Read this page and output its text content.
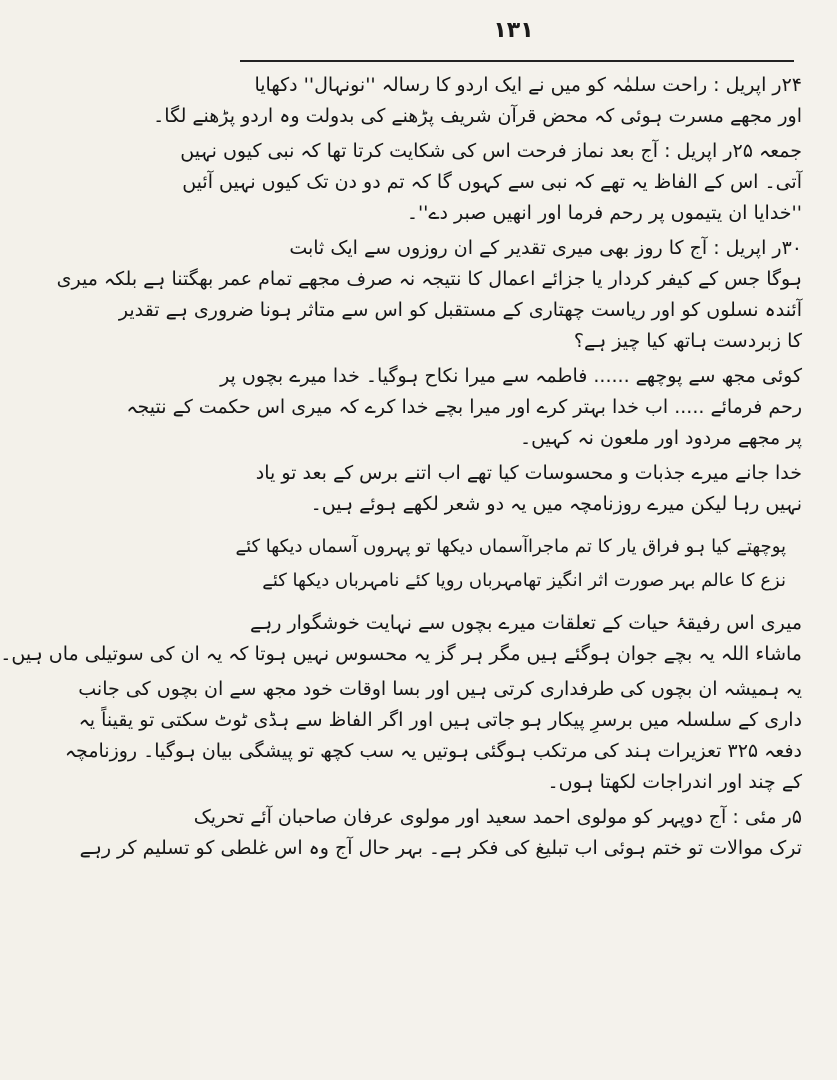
۱۳۱
۲۴ر اپریل : راحت سلمٰہ کو میں نے ایک اردو کا رسالہ ''نونہال'' دکھایا
اور مجھے مسرت ہوئی کہ محض قرآن شریف پڑھنے کی بدولت وہ اردو پڑھنے لگا۔
جمعہ ۲۵ر اپریل : آج بعد نماز فرحت اس کی شکایت کرتا تھا کہ نبی کیوں نہیں
آتی۔ اس کے الفاظ یہ تھے کہ نبی سے کہوں گا کہ تم دو دن تک کیوں نہیں آئیں
''خدایا ان یتیموں پر رحم فرما اور انھیں صبر دے''۔
۳۰ر اپریل : آج کا روز بھی میری تقدیر کے ان روزوں سے ایک ثابت
ہوگا جس کے کیفر کردار یا جزائے اعمال کا نتیجہ نہ صرف مجھے تمام عمر بھگتنا ہے بلکہ میری
آئندہ نسلوں کو اور ریاست چھتاری کے مستقبل کو اس سے متاثر ہونا ضروری ہے تقدیر
کا زبردست ہاتھ کیا چیز ہے؟
کوئی مجھ سے پوچھے ...... فاطمہ سے میرا نکاح ہوگیا۔ خدا میرے بچوں پر
رحم فرمائے ..... اب خدا بہتر کرے اور میرا بچے خدا کرے کہ میری اس حکمت کے نتیجہ
پر مجھے مردود اور ملعون نہ کہیں۔
خدا جانے میرے جذبات و محسوسات کیا تھے اب اتنے برس کے بعد تو یاد
نہیں رہا لیکن میرے روزنامچہ میں یہ دو شعر لکھے ہوئے ہیں۔
پوچھتے کیا ہو فراق یار کا تم ماجرا
آسماں دیکھا تو پہروں آسماں دیکھا کئے
نزع کا عالم بہر صورت اثر انگیز تھا
مہرباں رویا کئے نامہرباں دیکھا کئے
میری اس رفیقۂ حیات کے تعلقات میرے بچوں سے نہایت خوشگوار رہے
ماشاء اللہ یہ بچے جوان ہوگئے ہیں مگر ہر گز یہ محسوس نہیں ہوتا کہ یہ ان کی سوتیلی ماں ہیں۔
یہ ہمیشہ ان بچوں کی طرفداری کرتی ہیں اور بسا اوقات خود مجھ سے ان بچوں کی جانب
داری کے سلسلہ میں برسرِ پیکار ہو جاتی ہیں اور اگر الفاظ سے ہڈی ٹوٹ سکتی تو یقیناً یہ
دفعہ ۳۲۵ تعزیرات ہند کی مرتکب ہوگئی ہوتیں یہ سب کچھ تو پیشگی بیان ہوگیا۔ روزنامچہ
کے چند اور اندراجات لکھتا ہوں۔
۵ر مئی : آج دوپہر کو مولوی احمد سعید اور مولوی عرفان صاحبان آئے تحریک
ترک موالات تو ختم ہوئی اب تبلیغ کی فکر ہے۔ بہر حال آج وہ اس غلطی کو تسلیم کر رہے
